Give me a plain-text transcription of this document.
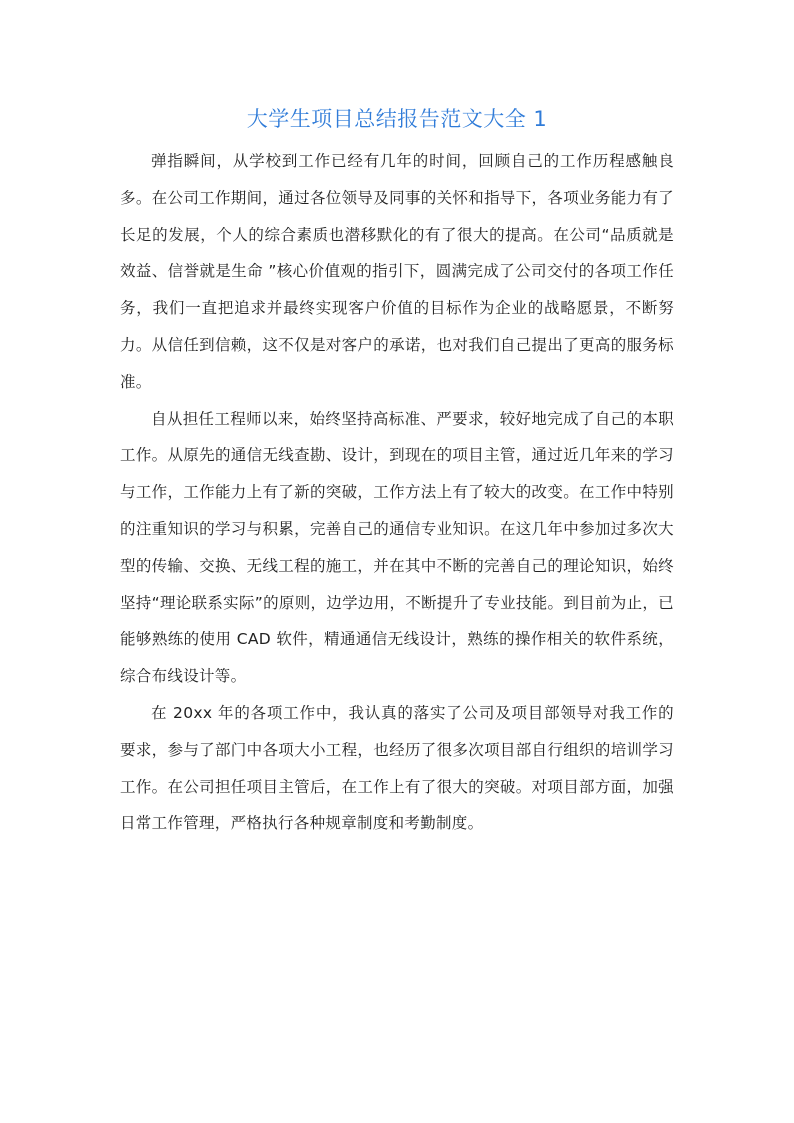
大学生项目总结报告范文大全 1

弹指瞬间，从学校到工作已经有几年的时间，回顾自己的工作历程感触良多。在公司工作期间，通过各位领导及同事的关怀和指导下，各项业务能力有了长足的发展，个人的综合素质也潜移默化的有了很大的提高。在公司“品质就是效益、信誉就是生命 ”核心价值观的指引下，圆满完成了公司交付的各项工作任务，我们一直把追求并最终实现客户价值的目标作为企业的战略愿景，不断努力。从信任到信赖，这不仅是对客户的承诺，也对我们自己提出了更高的服务标准。

自从担任工程师以来，始终坚持高标准、严要求，较好地完成了自己的本职工作。从原先的通信无线查勘、设计，到现在的项目主管，通过近几年来的学习与工作，工作能力上有了新的突破，工作方法上有了较大的改变。在工作中特别的注重知识的学习与积累，完善自己的通信专业知识。在这几年中参加过多次大型的传输、交换、无线工程的施工，并在其中不断的完善自己的理论知识，始终坚持“理论联系实际”的原则，边学边用，不断提升了专业技能。到目前为止，已能够熟练的使用 CAD 软件，精通通信无线设计，熟练的操作相关的软件系统，综合布线设计等。

在 20xx 年的各项工作中，我认真的落实了公司及项目部领导对我工作的要求，参与了部门中各项大小工程，也经历了很多次项目部自行组织的培训学习工作。在公司担任项目主管后，在工作上有了很大的突破。对项目部方面，加强日常工作管理，严格执行各种规章制度和考勤制度。
